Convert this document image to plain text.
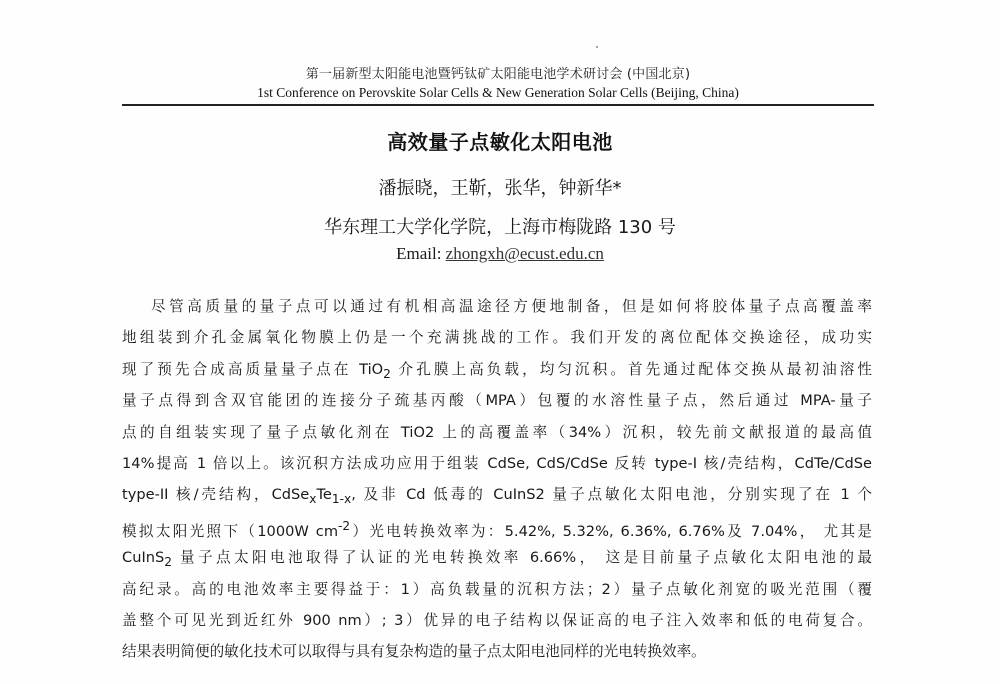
第一届新型太阳能电池暨钙钛矿太阳能电池学术研讨会 (中国北京)
1st Conference on Perovskite Solar Cells & New Generation Solar Cells (Beijing, China)
高效量子点敏化太阳电池
潘振晓，王靳，张华，钟新华*
华东理工大学化学院，上海市梅陇路 130 号
Email: zhongxh@ecust.edu.cn
尽管高质量的量子点可以通过有机相高温途径方便地制备，但是如何将胶体量子点高覆盖率
地组装到介孔金属氧化物膜上仍是一个充满挑战的工作。我们开发的离位配体交换途径，成功实
现了预先合成高质量量子点在 TiO$_2$ 介孔膜上高负载，均匀沉积。首先通过配体交换从最初油溶性
量子点得到含双官能团的连接分子巯基丙酸（MPA）包覆的水溶性量子点，然后通过 MPA-量子
点的自组装实现了量子点敏化剂在 TiO2 上的高覆盖率（34%）沉积，较先前文献报道的最高值
14%提高 1 倍以上。该沉积方法成功应用于组装 CdSe, CdS/CdSe 反转 type-I 核/壳结构，CdTe/CdSe
type-II 核/壳结构，$CdSe_xTe_{1-x}$, 及非 Cd 低毒的 CuInS2 量子点敏化太阳电池，分别实现了在 1 个
模拟太阳光照下（1000W $cm^{-2}$）光电转换效率为：5.42%, 5.32%, 6.36%, 6.76%及 7.04%， 尤其是
CuInS$_2$ 量子点太阳电池取得了认证的光电转换效率 6.66%， 这是目前量子点敏化太阳电池的最
高纪录。高的电池效率主要得益于：1）高负载量的沉积方法；2）量子点敏化剂宽的吸光范围（覆
盖整个可见光到近红外 900 nm）; 3）优异的电子结构以保证高的电子注入效率和低的电荷复合。
结果表明简便的敏化技术可以取得与具有复杂构造的量子点太阳电池同样的光电转换效率。
